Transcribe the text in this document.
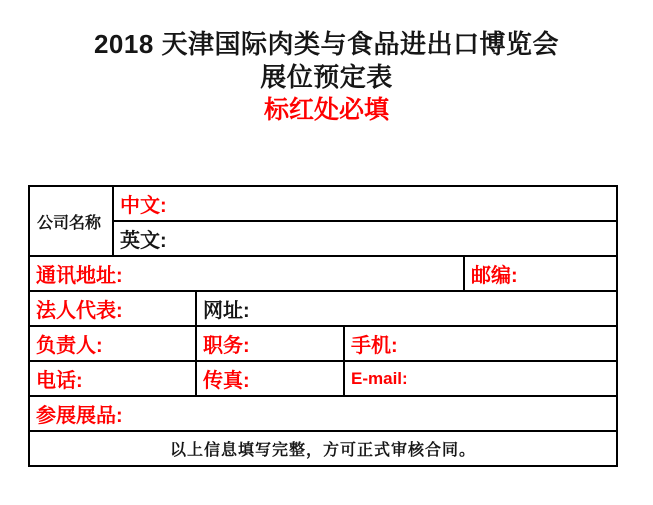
2018 天津国际肉类与食品进出口博览会
展位预定表
标红处必填
公司名称	中文:			
	英文:			
通讯地址:				邮编:
法人代表:		网址:		
负责人:		职务:	手机:	
电话:		传真:	E-mail:	
参展展品:				
以上信息填写完整，方可正式审核合同。				
